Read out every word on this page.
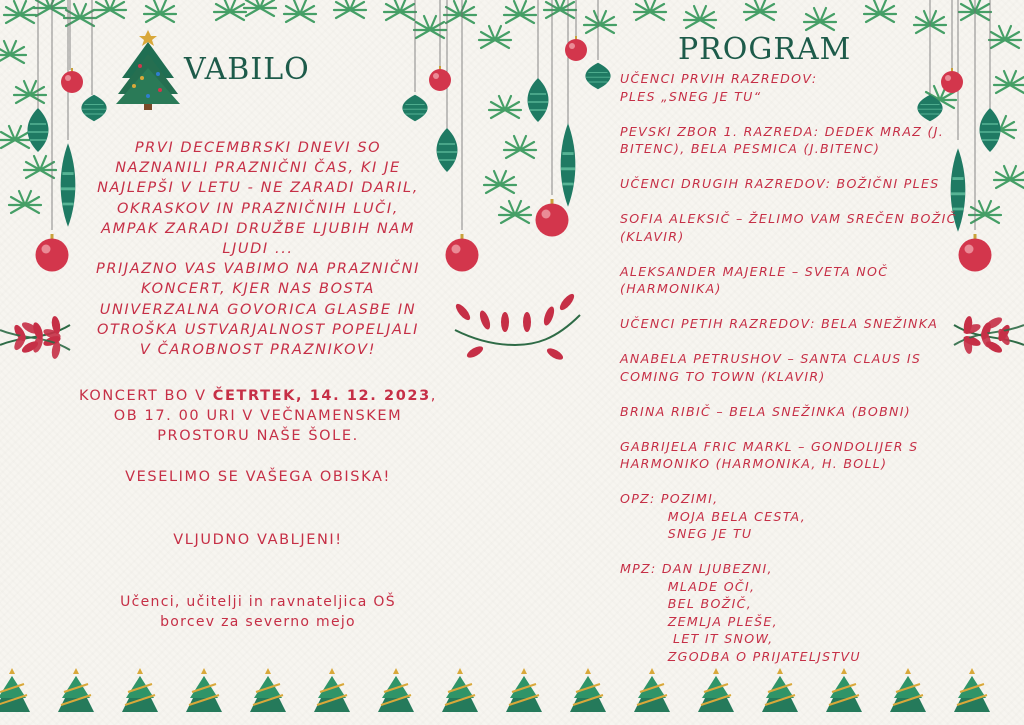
VABILO

PRVI DECEMBRSKI DNEVI SO

NAZNANILI PRAZNIČNI ČAS, KI JE

NAJLEPŠI V LETU - NE ZARADI DARIL,

OKRASKOV IN PRAZNIČNIH LUČI,

AMPAK ZARADI DRUŽBE LJUBIH NAM

LJUDI ...

PRIJAZNO VAS VABIMO NA PRAZNIČNI

KONCERT, KJER NAS BOSTA

UNIVERZALNA GOVORICA GLASBE IN

OTROŠKA USTVARJALNOST POPELJALI

V ČAROBNOST PRAZNIKOV!

KONCERT BO V ČETRTEK, 14. 12. 2023,
OB 17. 00 URI V VEČNAMENSKEM
PROSTORU NAŠE ŠOLE.
VESELIMO SE VAŠEGA OBISKA!
VLJUDNO VABLJENI!
Učenci, učitelji in ravnateljica OŠ
borcev za severno mejo
PROGRAM
UČENCI PRVIH RAZREDOV:
PLES „SNEG JE TU“
PEVSKI ZBOR 1. RAZREDA: DEDEK MRAZ (J.
BITENC), BELA PESMICA (J.BITENC)
UČENCI DRUGIH RAZREDOV: BOŽIČNI PLES
SOFIA ALEKSIČ – ŽELIMO VAM SREČEN BOŽIČ
(KLAVIR)
ALEKSANDER MAJERLE – SVETA NOČ
(HARMONIKA)
UČENCI PETIH RAZREDOV: BELA SNEŽINKA
ANABELA PETRUSHOV – SANTA CLAUS IS
COMING TO TOWN (KLAVIR)
BRINA RIBIČ – BELA SNEŽINKA (BOBNI)
GABRIJELA FRIC MARKL – GONDOLIJER S
HARMONIKO (HARMONIKA, H. BOLL)
OPZ: POZIMI,
MOJA BELA CESTA,
SNEG JE TU
MPZ: DAN LJUBEZNI,
MLADE OČI,
BEL BOŽIČ,
ZEMLJA PLEŠE,
LET IT SNOW,
ZGODBA O PRIJATELJSTVU
